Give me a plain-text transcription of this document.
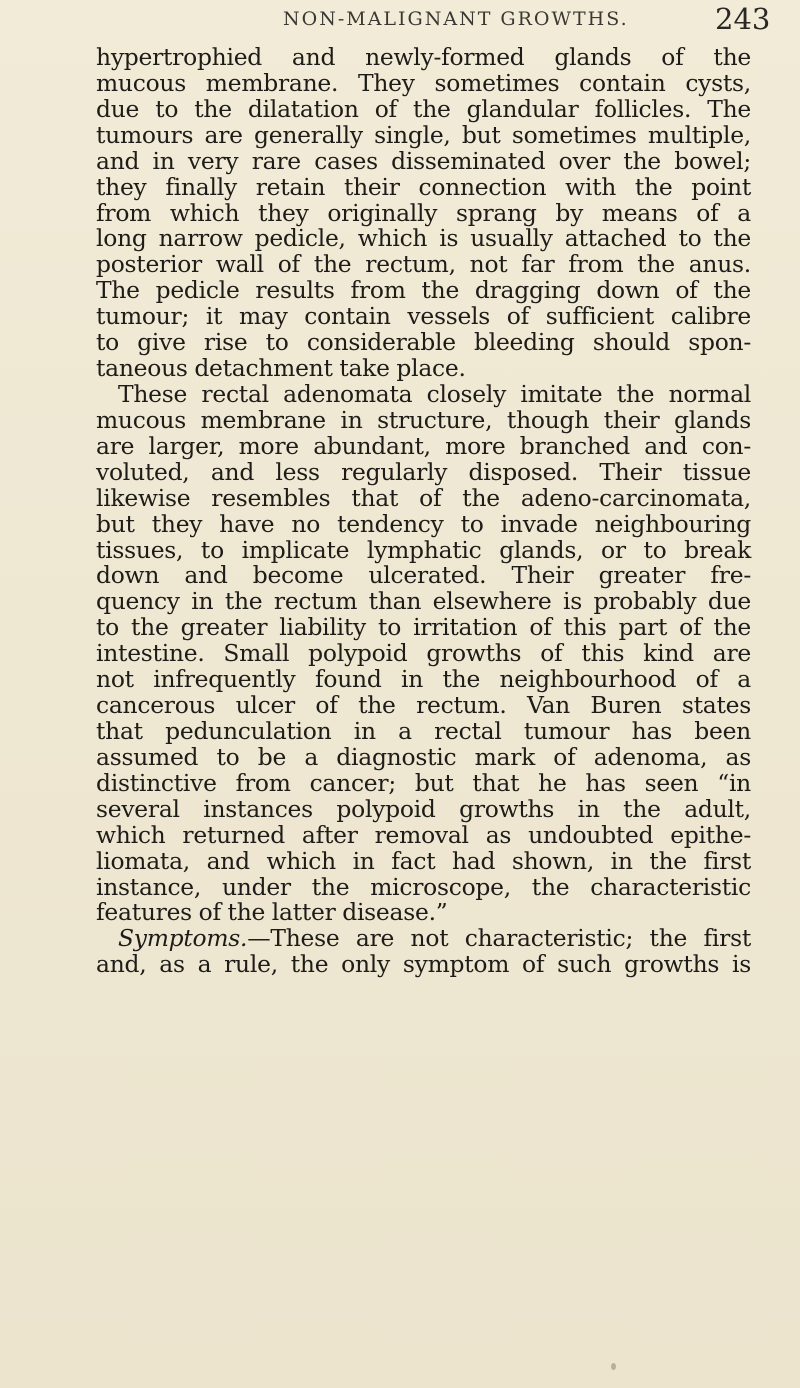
NON-MALIGNANT GROWTHS.	243
hypertrophied and newly-formed glands of the
mucous membrane. They sometimes contain cysts,
due to the dilatation of the glandular follicles. The
tumours are generally single, but sometimes multiple,
and in very rare cases disseminated over the bowel;
they finally retain their connection with the point
from which they originally sprang by means of a
long narrow pedicle, which is usually attached to the
posterior wall of the rectum, not far from the anus.
The pedicle results from the dragging down of the
tumour; it may contain vessels of sufficient calibre
to give rise to considerable bleeding should spon-
taneous detachment take place.
These rectal adenomata closely imitate the normal
mucous membrane in structure, though their glands
are larger, more abundant, more branched and con-
voluted, and less regularly disposed. Their tissue
likewise resembles that of the adeno-carcinomata,
but they have no tendency to invade neighbouring
tissues, to implicate lymphatic glands, or to break
down and become ulcerated. Their greater fre-
quency in the rectum than elsewhere is probably due
to the greater liability to irritation of this part of the
intestine. Small polypoid growths of this kind are
not infrequently found in the neighbourhood of a
cancerous ulcer of the rectum. Van Buren states
that pedunculation in a rectal tumour has been
assumed to be a diagnostic mark of adenoma, as
distinctive from cancer; but that he has seen “in
several instances polypoid growths in the adult,
which returned after removal as undoubted epithe-
liomata, and which in fact had shown, in the first
instance, under the microscope, the characteristic
features of the latter disease.”
Symptoms.—These are not characteristic; the first
and, as a rule, the only symptom of such growths is
